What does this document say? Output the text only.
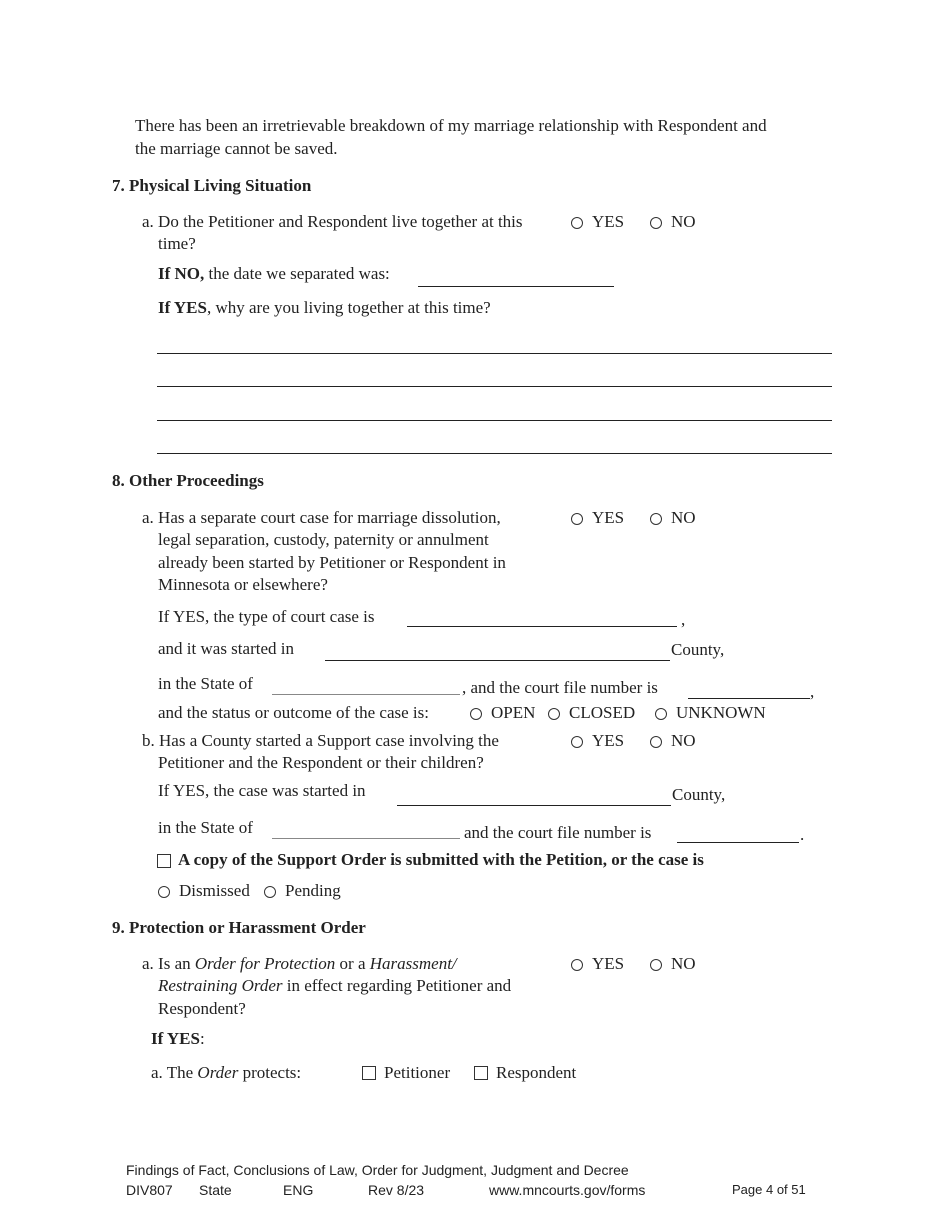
There has been an irretrievable breakdown of my marriage relationship with Respondent and
the marriage cannot be saved.
7. Physical Living Situation
a. Do the Petitioner and Respondent live together at this
time?
YES	NO
If NO, the date we separated was:
If YES, why are you living together at this time?
8. Other Proceedings
a. Has a separate court case for marriage dissolution,
legal separation, custody, paternity or annulment
already been started by Petitioner or Respondent in
Minnesota or elsewhere?
YES	NO
If YES, the type of court case is	,
and it was started in	County,
in the State of	, and the court file number is	,
and the status or outcome of the case is:	OPEN CLOSED UNKNOWN
b. Has a County started a Support case involving the
Petitioner and the Respondent or their children?
YES	NO
If YES, the case was started in	County,
in the State of	and the court file number is	.
A copy of the Support Order is submitted with the Petition, or the case is
Dismissed Pending
9. Protection or Harassment Order
a. Is an Order for Protection or a Harassment/
Restraining Order in effect regarding Petitioner and
Respondent?
YES	NO
If YES:
a. The Order protects:	Petitioner	Respondent
Findings of Fact, Conclusions of Law, Order for Judgment, Judgment and Decree
DIV807 State	ENG	Rev 8/23	www.mncourts.gov/forms	Page 4 of 51
